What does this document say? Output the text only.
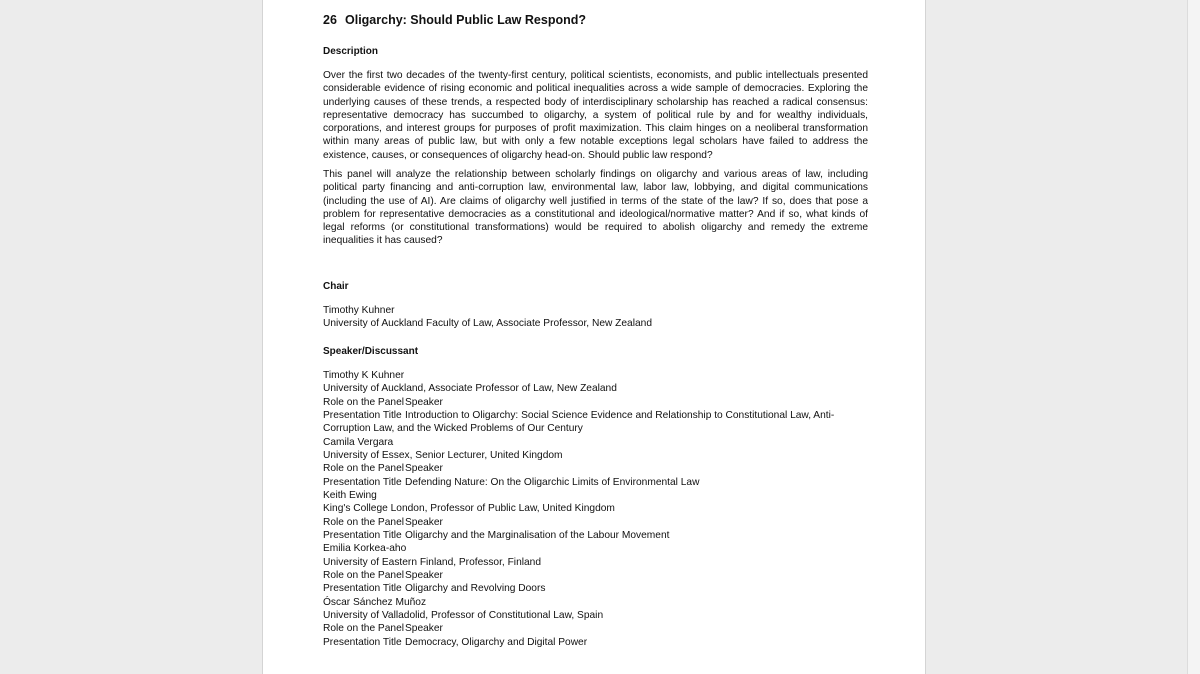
26 Oligarchy: Should Public Law Respond?
Description
Over the first two decades of the twenty-first century, political scientists, economists, and public intellectuals presented considerable evidence of rising economic and political inequalities across a wide sample of democracies. Exploring the underlying causes of these trends, a respected body of interdisciplinary scholarship has reached a radical consensus: representative democracy has succumbed to oligarchy, a system of political rule by and for wealthy individuals, corporations, and interest groups for purposes of profit maximization. This claim hinges on a neoliberal transformation within many areas of public law, but with only a few notable exceptions legal scholars have failed to address the existence, causes, or consequences of oligarchy head-on. Should public law respond?
This panel will analyze the relationship between scholarly findings on oligarchy and various areas of law, including political party financing and anti-corruption law, environmental law, labor law, lobbying, and digital communications (including the use of AI). Are claims of oligarchy well justified in terms of the state of the law? If so, does that pose a problem for representative democracies as a constitutional and ideological/normative matter? And if so, what kinds of legal reforms (or constitutional transformations) would be required to abolish oligarchy and remedy the extreme inequalities it has caused?
Chair
Timothy Kuhner
University of Auckland Faculty of Law, Associate Professor, New Zealand
Speaker/Discussant
Timothy K Kuhner
University of Auckland, Associate Professor of Law, New Zealand
Role on the PanelSpeaker
Presentation Title Introduction to Oligarchy: Social Science Evidence and Relationship to Constitutional Law, Anti-Corruption Law, and the Wicked Problems of Our Century
Camila Vergara
University of Essex, Senior Lecturer, United Kingdom
Role on the PanelSpeaker
Presentation Title Defending Nature: On the Oligarchic Limits of Environmental Law
Keith Ewing
King's College London, Professor of Public Law, United Kingdom
Role on the PanelSpeaker
Presentation Title Oligarchy and the Marginalisation of the Labour Movement
Emilia Korkea-aho
University of Eastern Finland, Professor, Finland
Role on the PanelSpeaker
Presentation Title Oligarchy and Revolving Doors
Óscar Sánchez Muñoz
University of Valladolid, Professor of Constitutional Law, Spain
Role on the PanelSpeaker
Presentation Title Democracy, Oligarchy and Digital Power
